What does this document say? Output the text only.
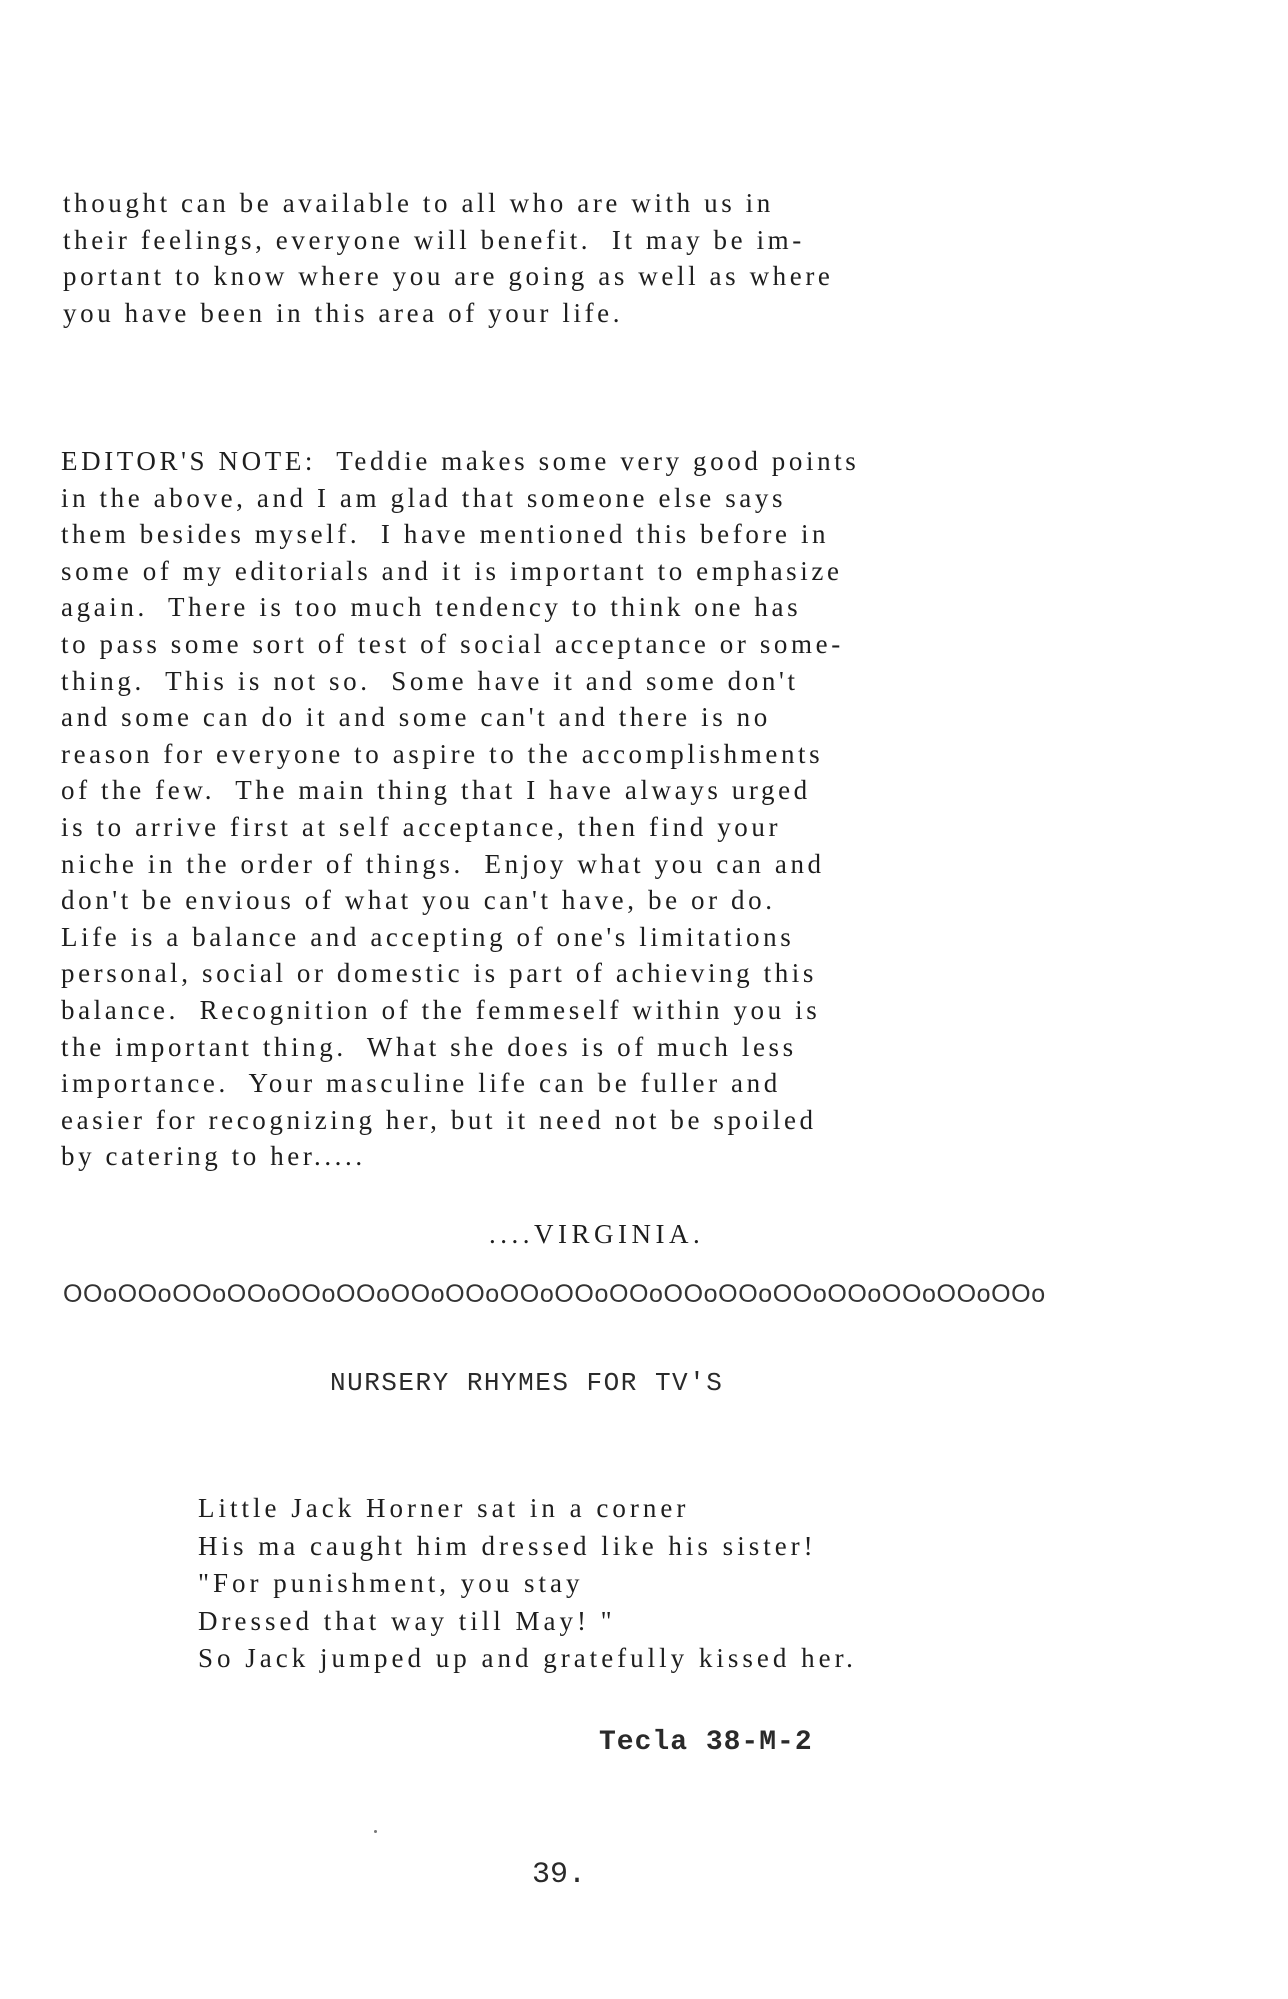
thought can be available to all who are with us in
their feelings, everyone will benefit.  It may be im-
portant to know where you are going as well as where
you have been in this area of your life.
EDITOR'S NOTE:  Teddie makes some very good points
in the above, and I am glad that someone else says
them besides myself.  I have mentioned this before in
some of my editorials and it is important to emphasize
again.  There is too much tendency to think one has
to pass some sort of test of social acceptance or some-
thing.  This is not so.  Some have it and some don't
and some can do it and some can't and there is no
reason for everyone to aspire to the accomplishments
of the few.  The main thing that I have always urged
is to arrive first at self acceptance, then find your
niche in the order of things.  Enjoy what you can and
don't be envious of what you can't have, be or do.
Life is a balance and accepting of one's limitations
personal, social or domestic is part of achieving this
balance.  Recognition of the femmeself within you is
the important thing.  What she does is of much less
importance.  Your masculine life can be fuller and
easier for recognizing her, but it need not be spoiled
by catering to her.....
....VIRGINIA.
OOoOOoOOoOOoOOoOOoOOoOOoOOoOOoOOoOOoOOoOOoOOoOOoOOoOOo
NURSERY RHYMES FOR TV'S
Little Jack Horner sat in a corner
His ma caught him dressed like his sister!
"For punishment, you stay
Dressed that way till May! "
So Jack jumped up and gratefully kissed her.
Tecla 38-M-2
39.
